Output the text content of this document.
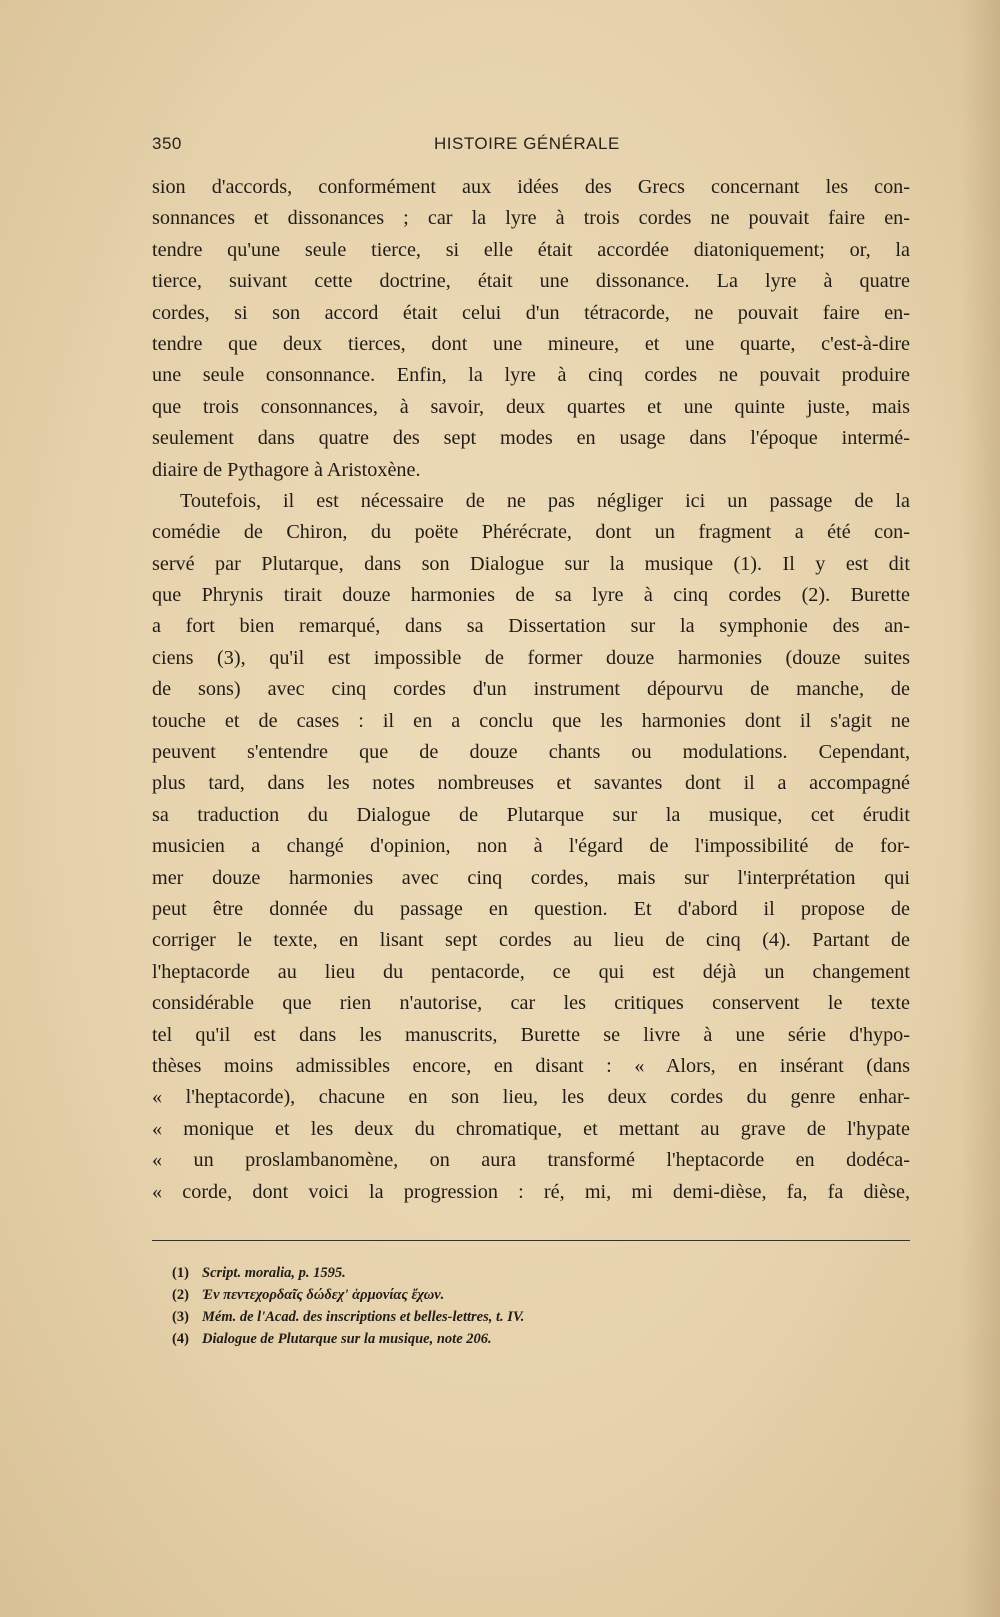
350	HISTOIRE GÉNÉRALE
sion d'accords, conformément aux idées des Grecs concernant les con-
sonnances et dissonances ; car la lyre à trois cordes ne pouvait faire en-
tendre qu'une seule tierce, si elle était accordée diatoniquement; or, la
tierce, suivant cette doctrine, était une dissonance. La lyre à quatre
cordes, si son accord était celui d'un tétracorde, ne pouvait faire en-
tendre que deux tierces, dont une mineure, et une quarte, c'est-à-dire
une seule consonnance. Enfin, la lyre à cinq cordes ne pouvait produire
que trois consonnances, à savoir, deux quartes et une quinte juste, mais
seulement dans quatre des sept modes en usage dans l'époque intermé-
diaire de Pythagore à Aristoxène.
Toutefois, il est nécessaire de ne pas négliger ici un passage de la
comédie de Chiron, du poëte Phérécrate, dont un fragment a été con-
servé par Plutarque, dans son Dialogue sur la musique (1). Il y est dit
que Phrynis tirait douze harmonies de sa lyre à cinq cordes (2). Burette
a fort bien remarqué, dans sa Dissertation sur la symphonie des an-
ciens (3), qu'il est impossible de former douze harmonies (douze suites
de sons) avec cinq cordes d'un instrument dépourvu de manche, de
touche et de cases : il en a conclu que les harmonies dont il s'agit ne
peuvent s'entendre que de douze chants ou modulations. Cependant,
plus tard, dans les notes nombreuses et savantes dont il a accompagné
sa traduction du Dialogue de Plutarque sur la musique, cet érudit
musicien a changé d'opinion, non à l'égard de l'impossibilité de for-
mer douze harmonies avec cinq cordes, mais sur l'interprétation qui
peut être donnée du passage en question. Et d'abord il propose de
corriger le texte, en lisant sept cordes au lieu de cinq (4). Partant de
l'heptacorde au lieu du pentacorde, ce qui est déjà un changement
considérable que rien n'autorise, car les critiques conservent le texte
tel qu'il est dans les manuscrits, Burette se livre à une série d'hypo-
thèses moins admissibles encore, en disant : « Alors, en insérant (dans
« l'heptacorde), chacune en son lieu, les deux cordes du genre enhar-
« monique et les deux du chromatique, et mettant au grave de l'hypate
« un proslambanomène, on aura transformé l'heptacorde en dodéca-
« corde, dont voici la progression : ré, mi, mi demi-dièse, fa, fa dièse,
(1) Script. moralia, p. 1595.
(2) Ἐν πεντεχορδαῖς δώδεχ' ἁρμονίας ἔχων.
(3) Mém. de l'Acad. des inscriptions et belles-lettres, t. IV.
(4) Dialogue de Plutarque sur la musique, note 206.
